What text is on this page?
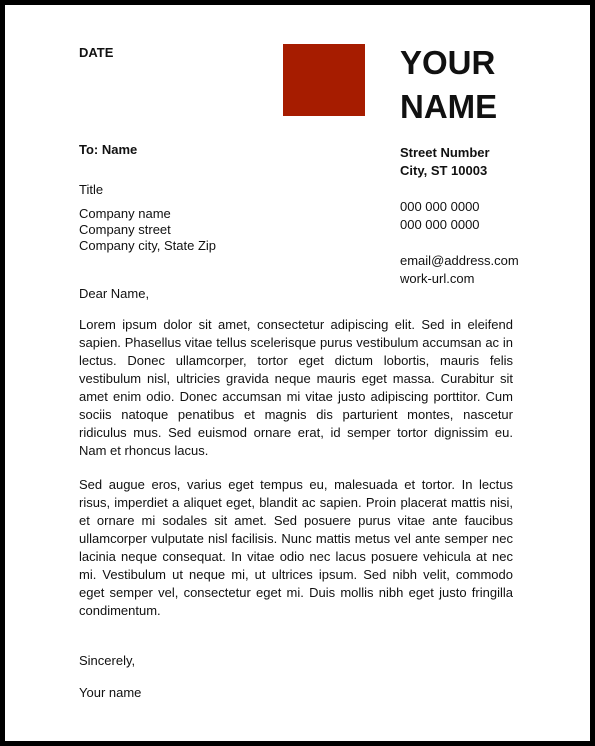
DATE	YOUR
NAME
Street Number
City, ST 10003
000 000 0000
000 000 0000
email@address.com
work-url.com
To: Name
Title
Company name
Company street
Company city, State Zip
Dear Name,

Lorem ipsum dolor sit amet, consectetur adipiscing elit. Sed in eleifend sapien. Phasellus vitae tellus scelerisque purus vestibulum accumsan ac in lectus. Donec ullamcorper, tortor eget dictum lobortis, mauris felis vestibulum nisl, ultricies gravida neque mauris eget massa. Curabitur sit amet enim odio. Donec accumsan mi vitae justo adipiscing porttitor. Cum sociis natoque penatibus et magnis dis parturient montes, nascetur ridiculus mus. Sed euismod ornare erat, id semper tortor dignissim eu. Nam et rhoncus lacus.

Sed augue eros, varius eget tempus eu, malesuada et tortor. In lectus risus, imperdiet a aliquet eget, blandit ac sapien. Proin placerat mattis nisi, et ornare mi sodales sit amet. Sed posuere purus vitae ante faucibus ullamcorper vulputate nisl facilisis. Nunc mattis metus vel ante semper nec lacinia neque consequat. In vitae odio nec lacus posuere vehicula at nec mi. Vestibulum ut neque mi, ut ultrices ipsum. Sed nibh velit, commodo eget semper vel, consectetur eget mi. Duis mollis nibh eget justo fringilla condimentum.

Sincerely,
Your name
